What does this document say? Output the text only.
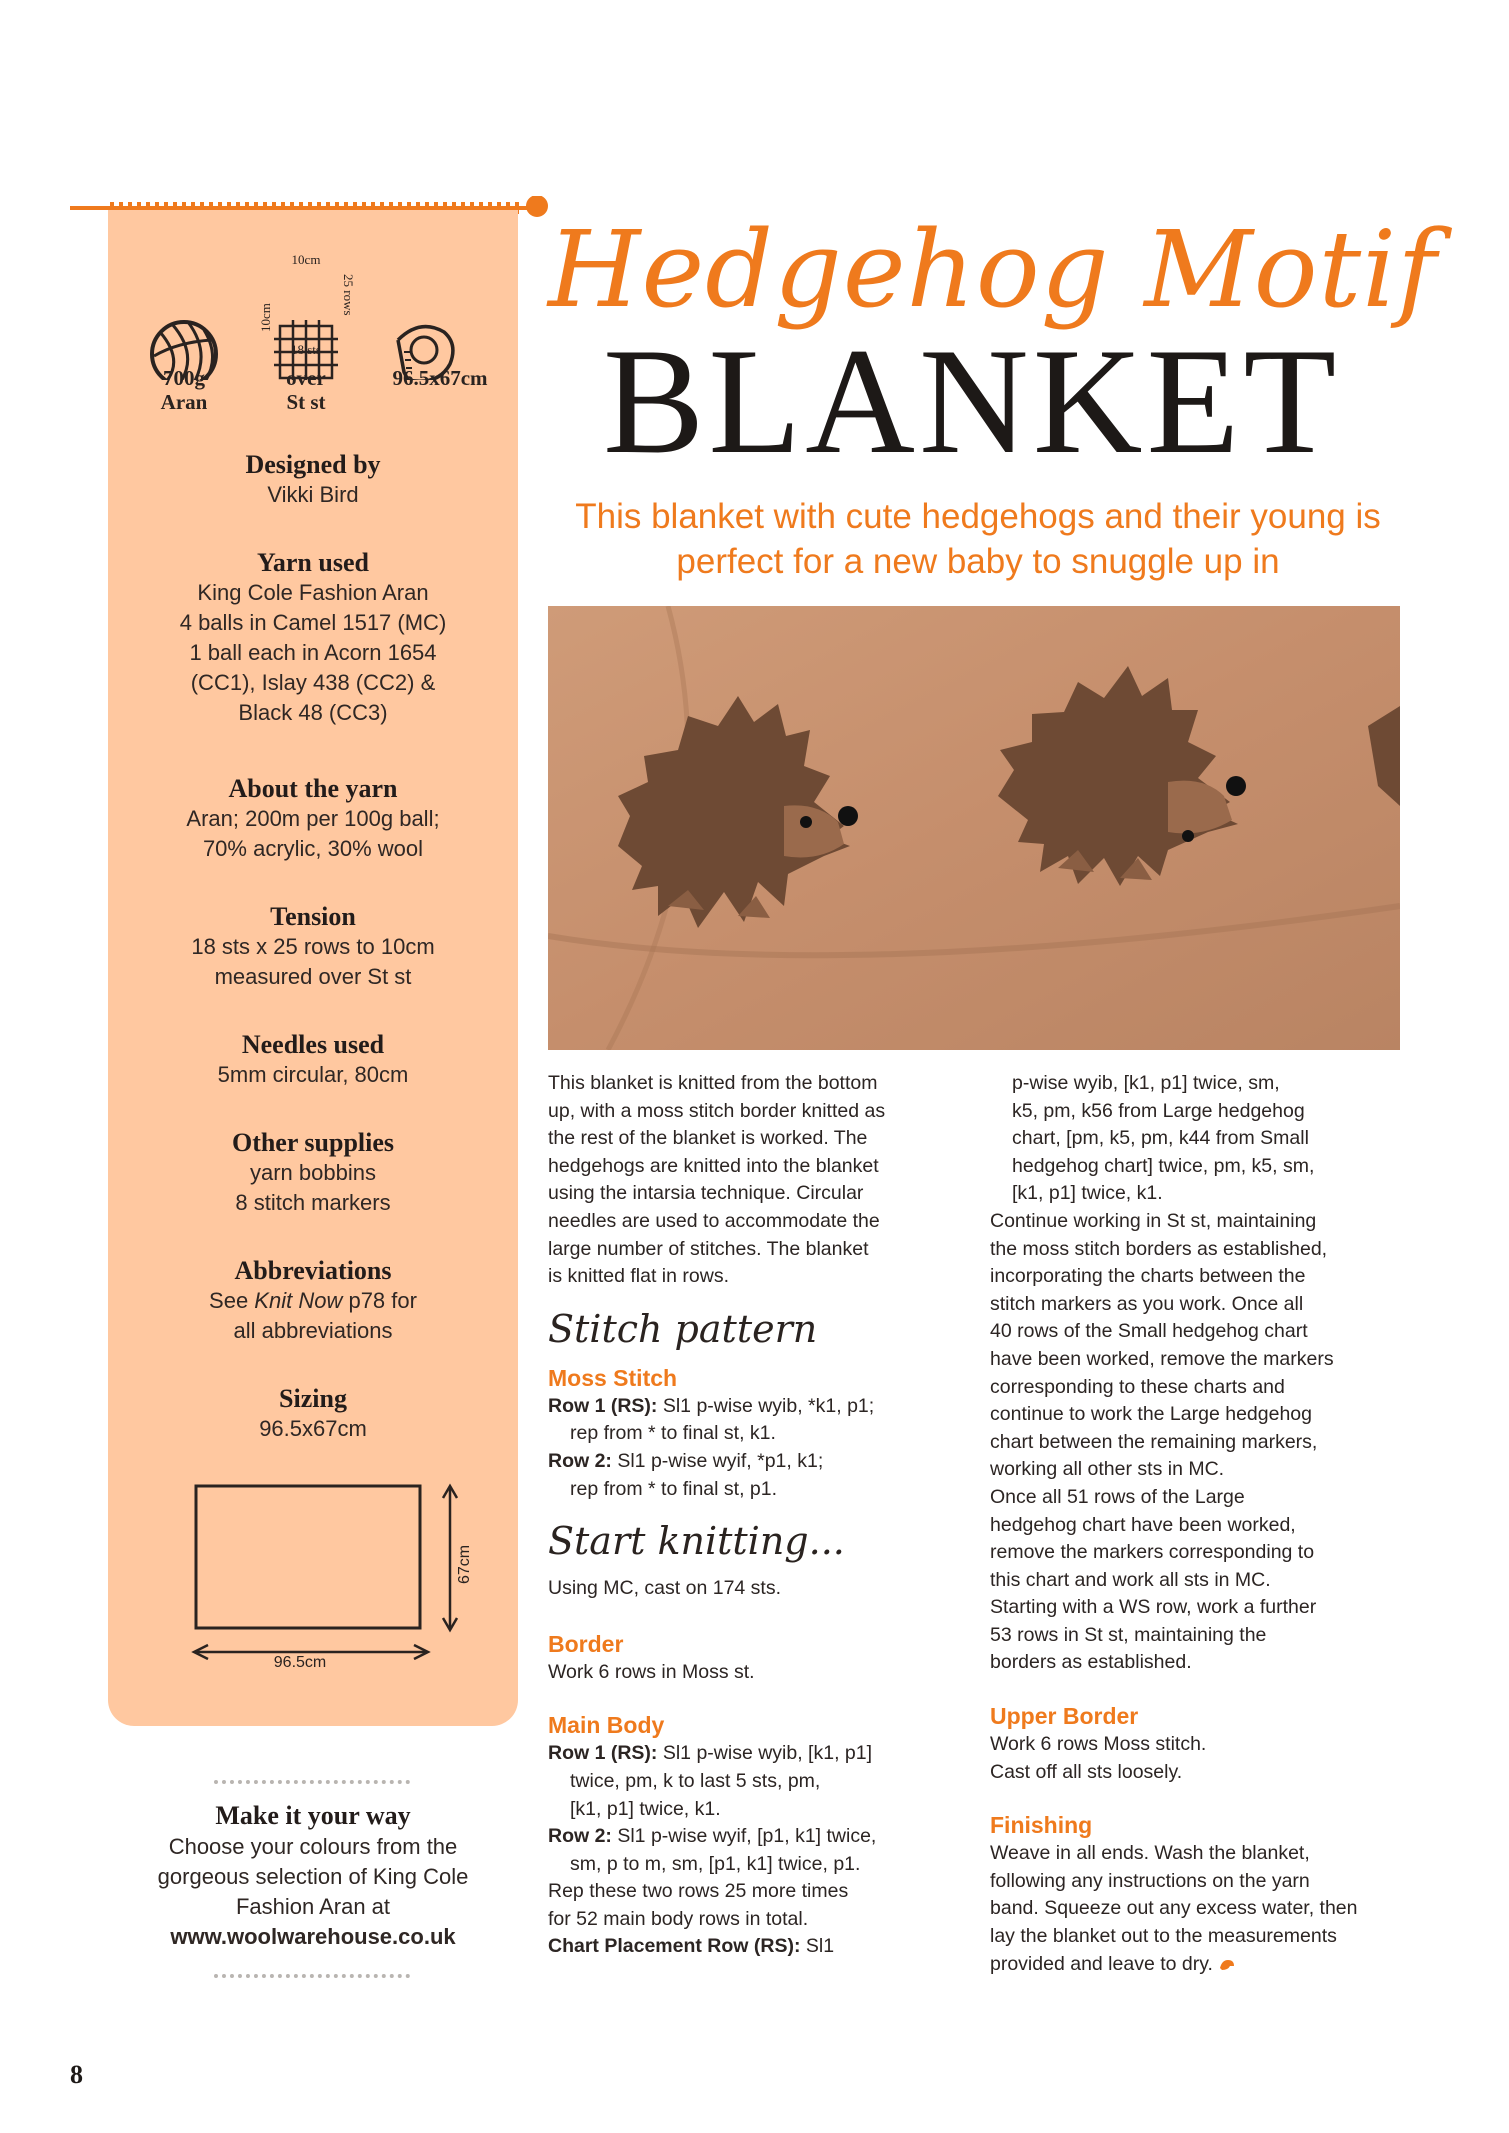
10cm
10cm
25 rows
18 sts
700g
Aran
over
St st
96.5x67cm
Designed by

Vikki Bird

Yarn used

King Cole Fashion Aran

4 balls in Camel 1517 (MC)

1 ball each in Acorn 1654

(CC1), Islay 438 (CC2) &

Black 48 (CC3)

About the yarn

Aran; 200m per 100g ball;

70% acrylic, 30% wool

Tension

18 sts x 25 rows to 10cm

measured over St st

Needles used

5mm circular, 80cm

Other supplies

yarn bobbins

8 stitch markers

Abbreviations

See Knit Now p78 for

all abbreviations

Sizing

96.5x67cm

96.5cm
67cm
Make it your way

Choose your colours from the

gorgeous selection of King Cole

Fashion Aran at

www.woolwarehouse.co.uk

Hedgehog Motif
BLANKET
This blanket with cute hedgehogs and their young is perfect for a new baby to snuggle up in

This blanket is knitted from the bottom

up, with a moss stitch border knitted as

the rest of the blanket is worked. The

hedgehogs are knitted into the blanket

using the intarsia technique. Circular

needles are used to accommodate the

large number of stitches. The blanket

is knitted flat in rows.

Stitch pattern
Moss Stitch

Row 1 (RS): Sl1 p-wise wyib, *k1, p1;

rep from * to final st, k1.

Row 2: Sl1 p-wise wyif, *p1, k1;

rep from * to final st, p1.

Start knitting...

Using MC, cast on 174 sts.

Border

Work 6 rows in Moss st.

Main Body

Row 1 (RS): Sl1 p-wise wyib, [k1, p1]

twice, pm, k to last 5 sts, pm,

[k1, p1] twice, k1.

Row 2: Sl1 p-wise wyif, [p1, k1] twice,

sm, p to m, sm, [p1, k1] twice, p1.

Rep these two rows 25 more times

for 52 main body rows in total.

Chart Placement Row (RS): Sl1

p-wise wyib, [k1, p1] twice, sm,

k5, pm, k56 from Large hedgehog

chart, [pm, k5, pm, k44 from Small

hedgehog chart] twice, pm, k5, sm,

[k1, p1] twice, k1.

Continue working in St st, maintaining

the moss stitch borders as established,

incorporating the charts between the

stitch markers as you work. Once all

40 rows of the Small hedgehog chart

have been worked, remove the markers

corresponding to these charts and

continue to work the Large hedgehog

chart between the remaining markers,

working all other sts in MC.

Once all 51 rows of the Large

hedgehog chart have been worked,

remove the markers corresponding to

this chart and work all sts in MC.

Starting with a WS row, work a further

53 rows in St st, maintaining the

borders as established.

Upper Border

Work 6 rows Moss stitch.

Cast off all sts loosely.

Finishing

Weave in all ends. Wash the blanket,

following any instructions on the yarn

band. Squeeze out any excess water, then

lay the blanket out to the measurements

provided and leave to dry.

8
